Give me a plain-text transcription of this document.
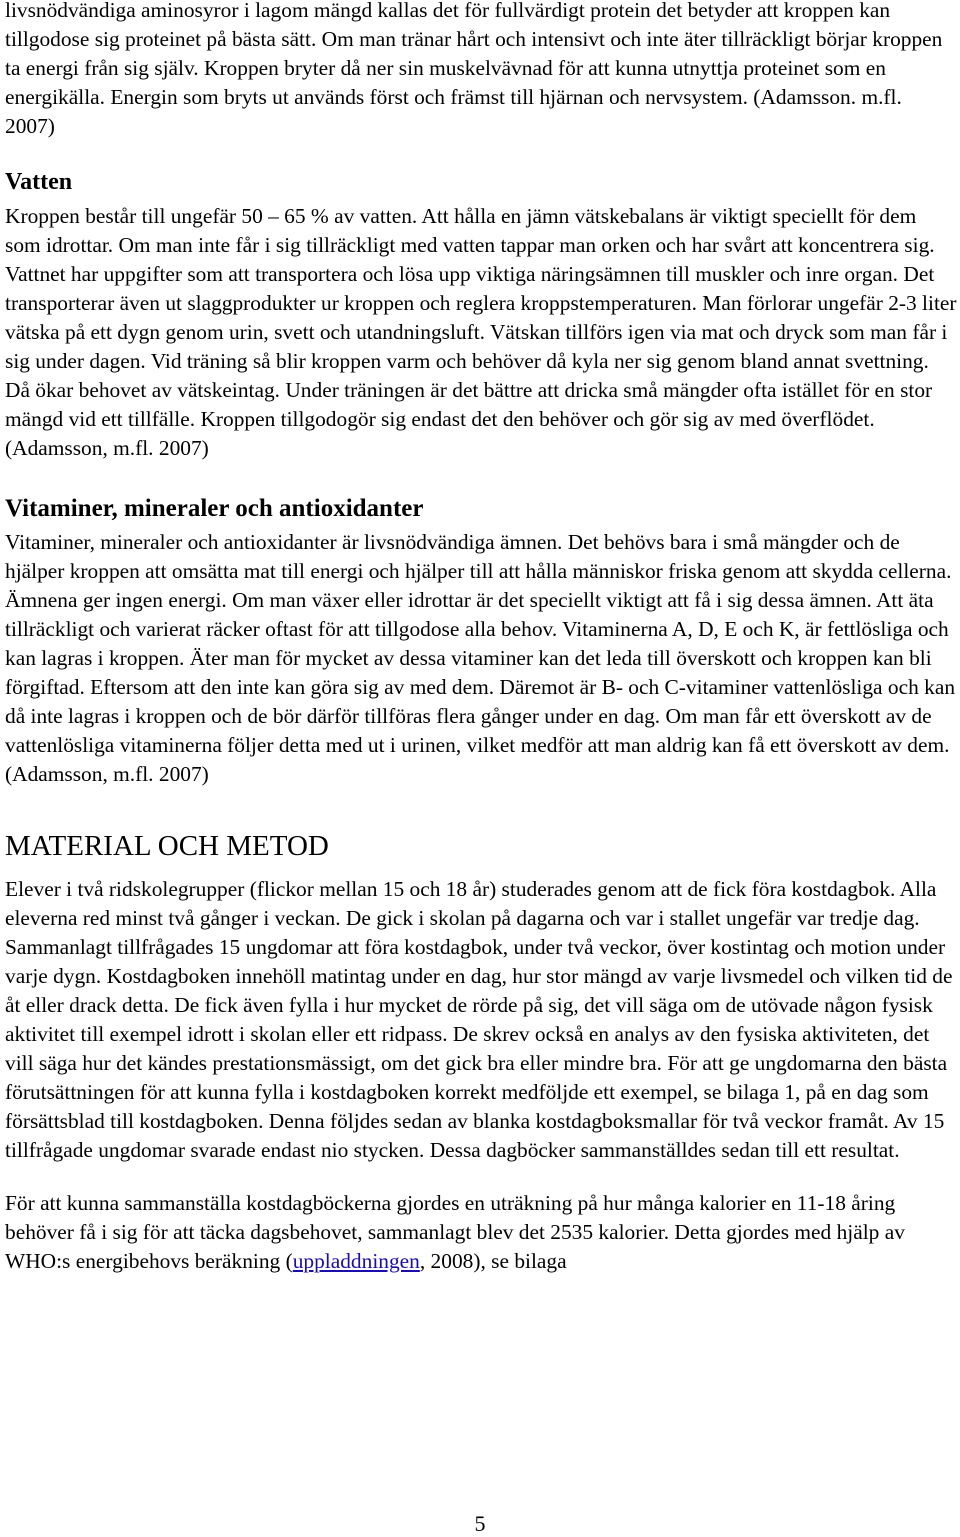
livsnödvändiga aminosyror i lagom mängd kallas det för fullvärdigt protein det betyder att kroppen kan tillgodose sig proteinet på bästa sätt. Om man tränar hårt och intensivt och inte äter tillräckligt börjar kroppen ta energi från sig själv. Kroppen bryter då ner sin muskelvävnad för att kunna utnyttja proteinet som en energikälla. Energin som bryts ut används först och främst till hjärnan och nervsystem. (Adamsson. m.fl. 2007)

Vatten

Kroppen består till ungefär 50 – 65 % av vatten. Att hålla en jämn vätskebalans är viktigt speciellt för dem som idrottar. Om man inte får i sig tillräckligt med vatten tappar man orken och har svårt att koncentrera sig. Vattnet har uppgifter som att transportera och lösa upp viktiga näringsämnen till muskler och inre organ. Det transporterar även ut slaggprodukter ur kroppen och reglera kroppstemperaturen. Man förlorar ungefär 2-3 liter vätska på ett dygn genom urin, svett och utandningsluft. Vätskan tillförs igen via mat och dryck som man får i sig under dagen. Vid träning så blir kroppen varm och behöver då kyla ner sig genom bland annat svettning. Då ökar behovet av vätskeintag. Under träningen är det bättre att dricka små mängder ofta istället för en stor mängd vid ett tillfälle. Kroppen tillgodogör sig endast det den behöver och gör sig av med överflödet. (Adamsson, m.fl. 2007)

Vitaminer, mineraler och antioxidanter

Vitaminer, mineraler och antioxidanter är livsnödvändiga ämnen. Det behövs bara i små mängder och de hjälper kroppen att omsätta mat till energi och hjälper till att hålla människor friska genom att skydda cellerna. Ämnena ger ingen energi. Om man växer eller idrottar är det speciellt viktigt att få i sig dessa ämnen. Att äta tillräckligt och varierat räcker oftast för att tillgodose alla behov. Vitaminerna A, D, E och K, är fettlösliga och kan lagras i kroppen. Äter man för mycket av dessa vitaminer kan det leda till överskott och kroppen kan bli förgiftad. Eftersom att den inte kan göra sig av med dem. Däremot är B- och C-vitaminer vattenlösliga och kan då inte lagras i kroppen och de bör därför tillföras flera gånger under en dag. Om man får ett överskott av de vattenlösliga vitaminerna följer detta med ut i urinen, vilket medför att man aldrig kan få ett överskott av dem. (Adamsson, m.fl. 2007)

MATERIAL OCH METOD

Elever i två ridskolegrupper (flickor mellan 15 och 18 år) studerades genom att de fick föra kostdagbok. Alla eleverna red minst två gånger i veckan. De gick i skolan på dagarna och var i stallet ungefär var tredje dag. Sammanlagt tillfrågades 15 ungdomar att föra kostdagbok, under två veckor, över kostintag och motion under varje dygn. Kostdagboken innehöll matintag under en dag, hur stor mängd av varje livsmedel och vilken tid de åt eller drack detta. De fick även fylla i hur mycket de rörde på sig, det vill säga om de utövade någon fysisk aktivitet till exempel idrott i skolan eller ett ridpass. De skrev också en analys av den fysiska aktiviteten, det vill säga hur det kändes prestationsmässigt, om det gick bra eller mindre bra. För att ge ungdomarna den bästa förutsättningen för att kunna fylla i kostdagboken korrekt medföljde ett exempel, se bilaga 1, på en dag som försättsblad till kostdagboken. Denna följdes sedan av blanka kostdagboksmallar för två veckor framåt. Av 15 tillfrågade ungdomar svarade endast nio stycken. Dessa dagböcker sammanställdes sedan till ett resultat.

För att kunna sammanställa kostdagböckerna gjordes en uträkning på hur många kalorier en 11-18 åring behöver få i sig för att täcka dagsbehovet, sammanlagt blev det 2535 kalorier. Detta gjordes med hjälp av WHO:s energibehovs beräkning (uppladdningen, 2008), se bilaga

5
